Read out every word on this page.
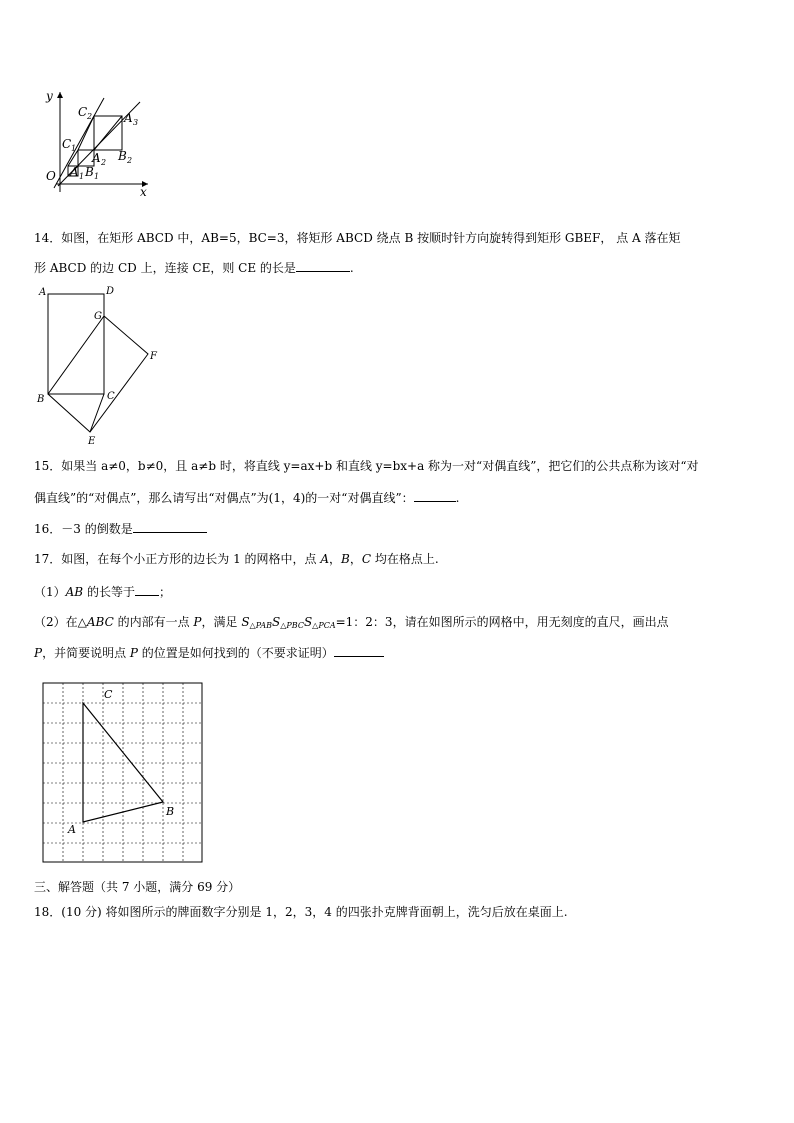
y
x
O
C 2	A 3
C 1
A 2 B 2
A 1 B 1
14．如图，在矩形 ABCD 中，AB=5，BC=3，将矩形 ABCD 绕点 B 按顺时针方向旋转得到矩形 GBEF， 点 A 落在矩
形 ABCD 的边 CD 上，连接 CE，则 CE 的长是	.
A	D
G
F
B	C
E
15．如果当 a≠0，b≠0，且 a≠b 时，将直线 y=ax+b 和直线 y=bx+a 称为一对“对偶直线”，把它们的公共点称为该对“对
偶直线”的“对偶点”，那么请写出“对偶点”为(1，4)的一对“对偶直线”：	.
16．－3 的倒数是
17．如图，在每个小正方形的边长为 1 的网格中，点 A，B，C 均在格点上.
（1）AB 的长等于 ；
（2）在△ABC 的内部有一点 P，满足 $S_{\triangle PAB}S_{\triangle PBC}S_{\triangle PCA}=1$：2：3，请在如图所示的网格中，用无刻度的直尺，画出点
P，并简要说明点 P 的位置是如何找到的（不要求证明）
C
B
A
三、解答题（共 7 小题，满分 69 分）
18．(10 分) 将如图所示的牌面数字分别是 1，2，3，4 的四张扑克牌背面朝上，洗匀后放在桌面上.
